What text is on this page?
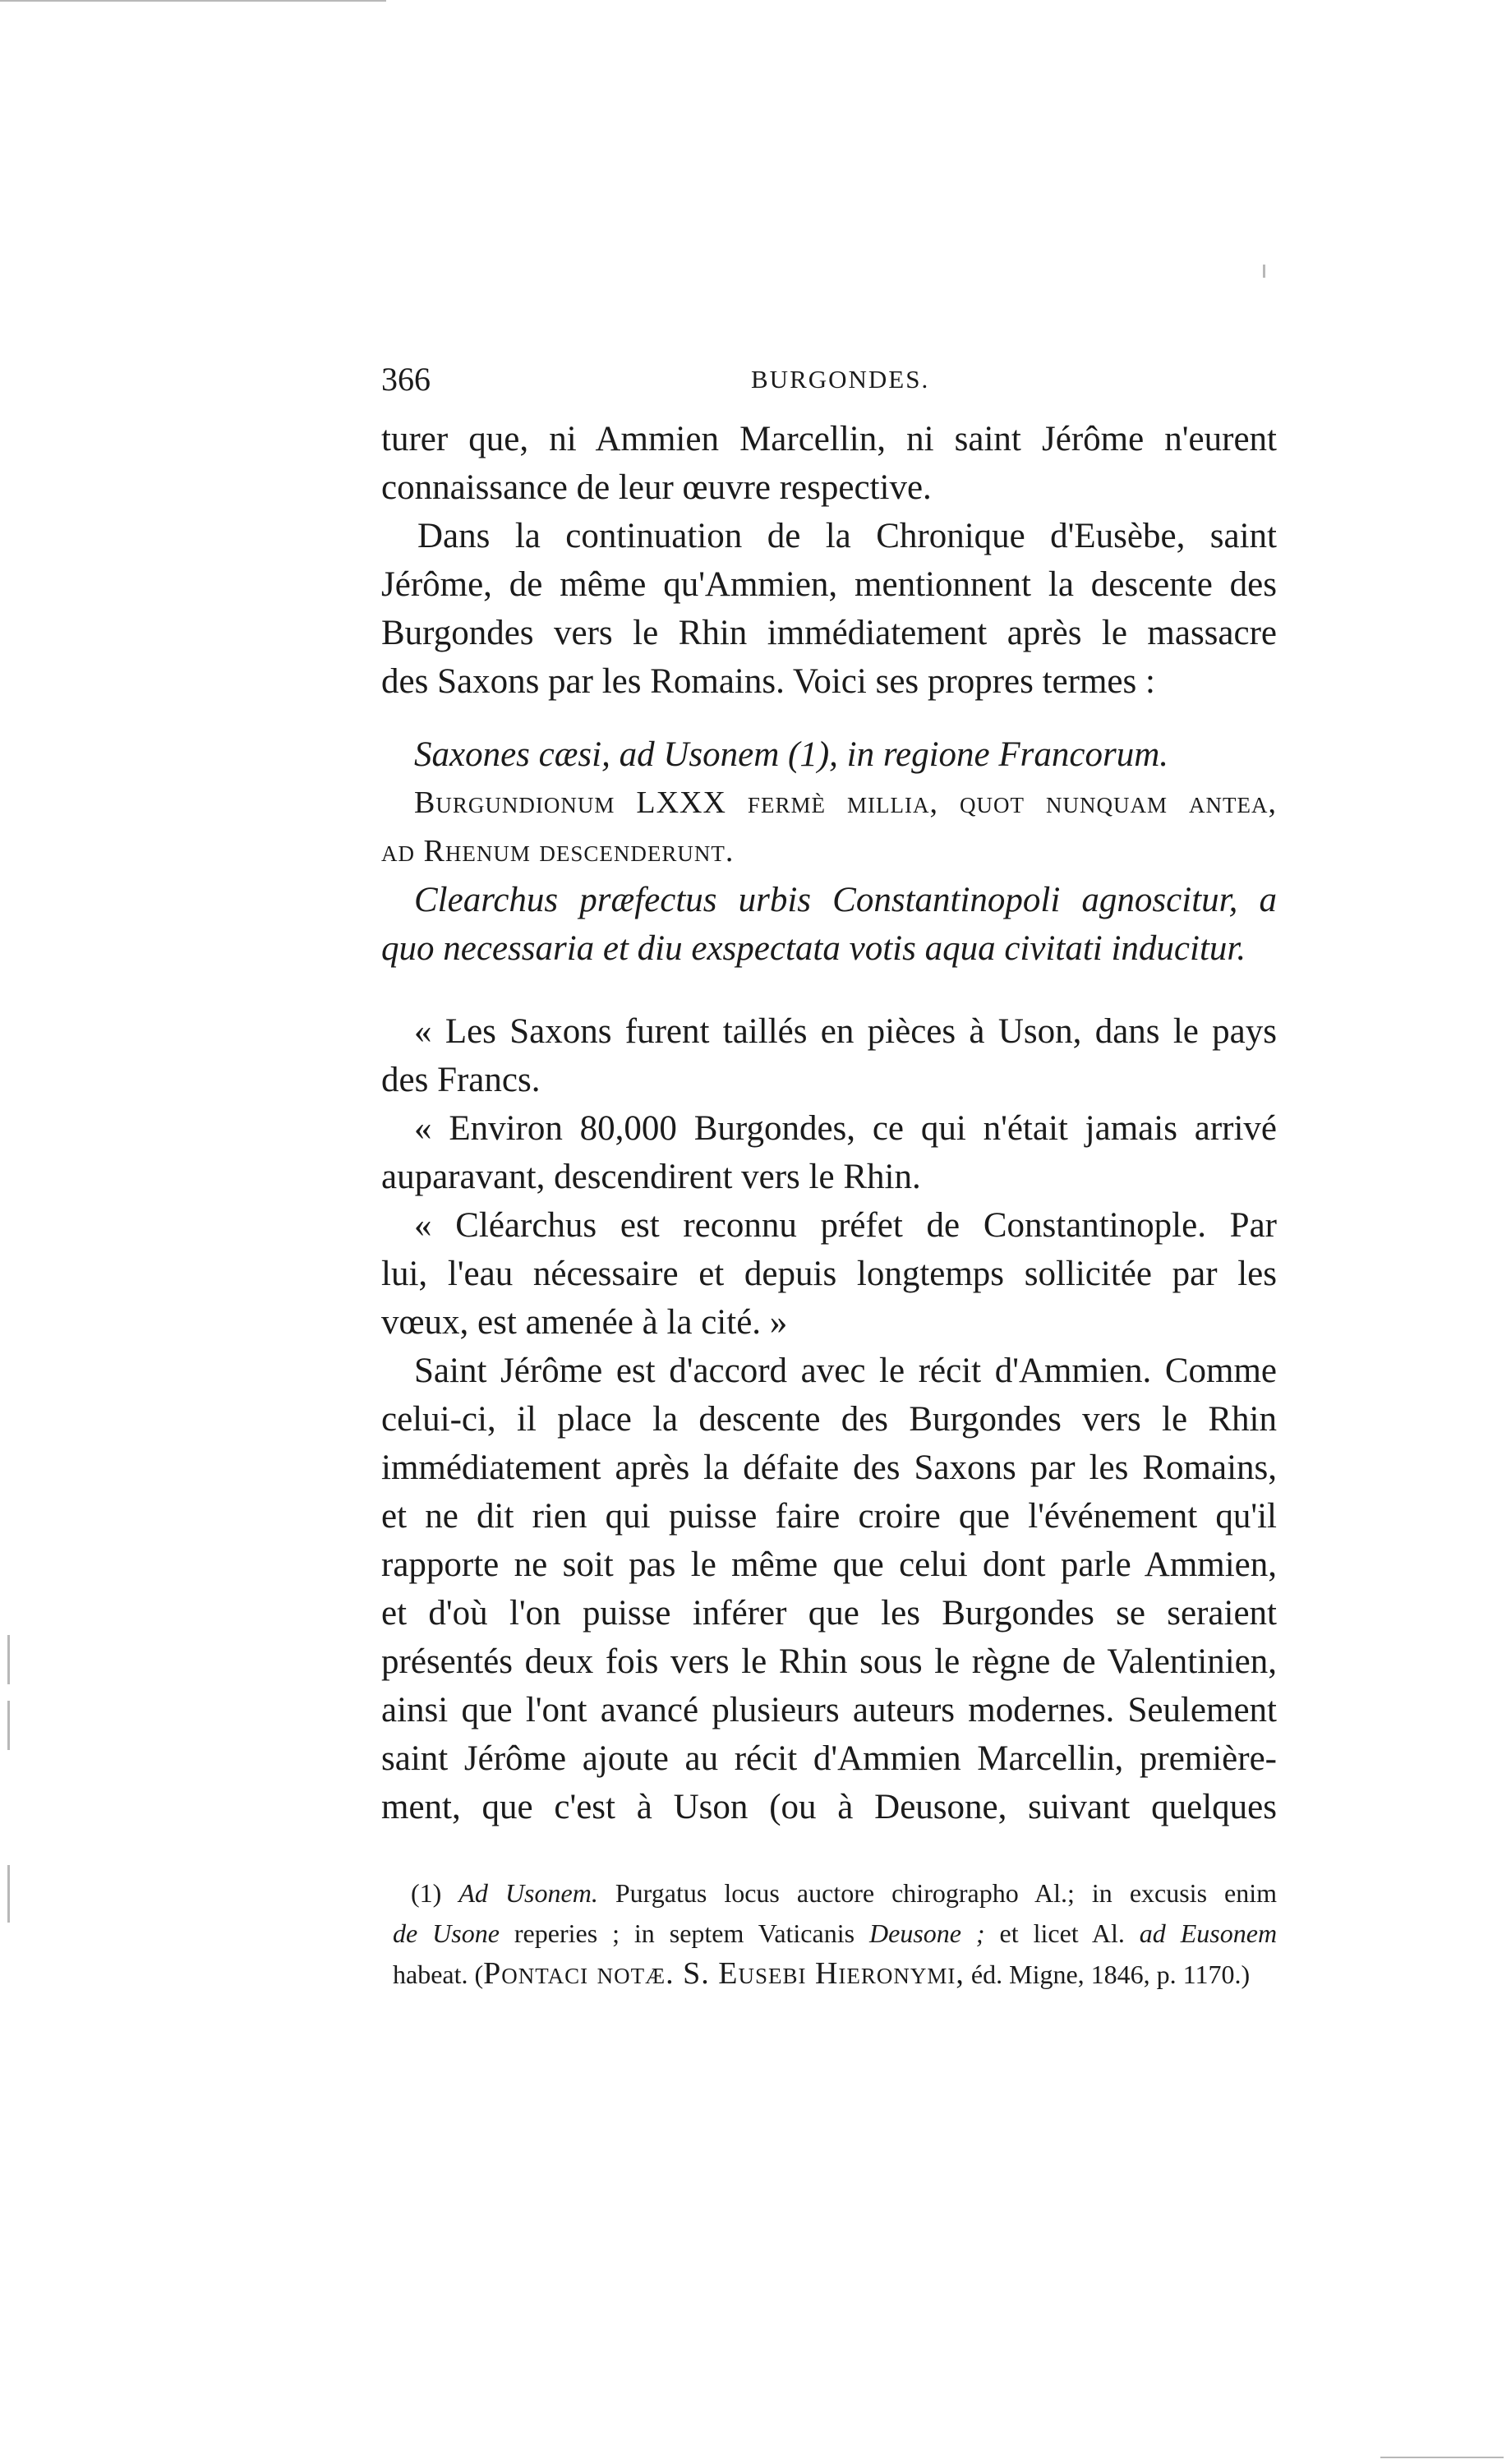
366	BURGONDES.
turer que, ni Ammien Marcellin, ni saint Jérôme n'eurent
connaissance de leur œuvre respective.
Dans la continuation de la Chronique d'Eusèbe, saint
Jérôme, de même qu'Ammien, mentionnent la descente des
Burgondes vers le Rhin immédiatement après le massacre
des Saxons par les Romains. Voici ses propres termes :
Saxones cæsi, ad Usonem (1), in regione Francorum.
Burgundionum LXXX fermè millia, quot nunquam antea,
ad Rhenum descenderunt.
Clearchus præfectus urbis Constantinopoli agnoscitur, a
quo necessaria et diu exspectata votis aqua civitati inducitur.
« Les Saxons furent taillés en pièces à Uson, dans le pays
des Francs.
« Environ 80,000 Burgondes, ce qui n'était jamais arrivé
auparavant, descendirent vers le Rhin.
« Cléarchus est reconnu préfet de Constantinople. Par
lui, l'eau nécessaire et depuis longtemps sollicitée par les
vœux, est amenée à la cité. »
Saint Jérôme est d'accord avec le récit d'Ammien. Comme
celui-ci, il place la descente des Burgondes vers le Rhin
immédiatement après la défaite des Saxons par les Romains,
et ne dit rien qui puisse faire croire que l'événement qu'il
rapporte ne soit pas le même que celui dont parle Ammien,
et d'où l'on puisse inférer que les Burgondes se seraient
présentés deux fois vers le Rhin sous le règne de Valentinien,
ainsi que l'ont avancé plusieurs auteurs modernes. Seulement
saint Jérôme ajoute au récit d'Ammien Marcellin, première-
ment, que c'est à Uson (ou à Deusone, suivant quelques
(1) Ad Usonem. Purgatus locus auctore chirographo Al.; in excusis enim
de Usone reperies ; in septem Vaticanis Deusone ; et licet Al. ad Eusonem
habeat. (Pontaci notæ. S. Eusebi Hieronymi, éd. Migne, 1846, p. 1170.)
